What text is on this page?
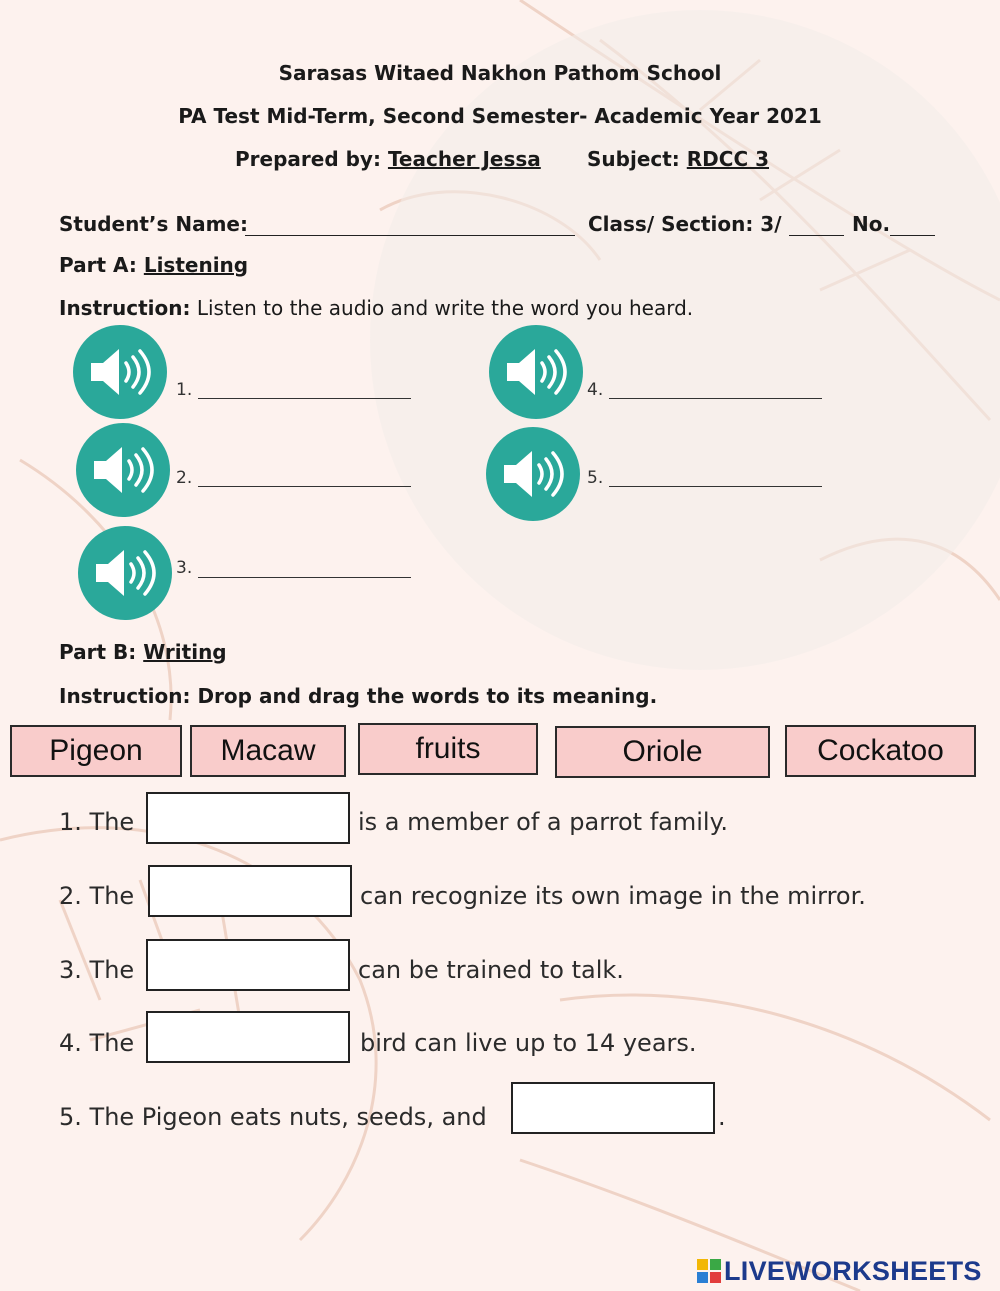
Sarasas Witaed Nakhon Pathom School
PA Test Mid-Term, Second Semester- Academic Year 2021
Prepared by: Teacher Jessa Subject: RDCC 3
Student’s Name:	Class/ Section: 3/	No.
Part A: Listening
Instruction: Listen to the audio and write the word you heard.
1.
2.
3.
4.
5.
Part B: Writing
Instruction: Drop and drag the words to its meaning.
Pigeon	Macaw	fruits	Oriole	Cockatoo
1. The	is a member of a parrot family.
2. The	can recognize its own image in the mirror.
3. The	can be trained to talk.
4. The	bird can live up to 14 years.
5. The Pigeon eats nuts, seeds, and	.
LIVEWORKSHEETS
